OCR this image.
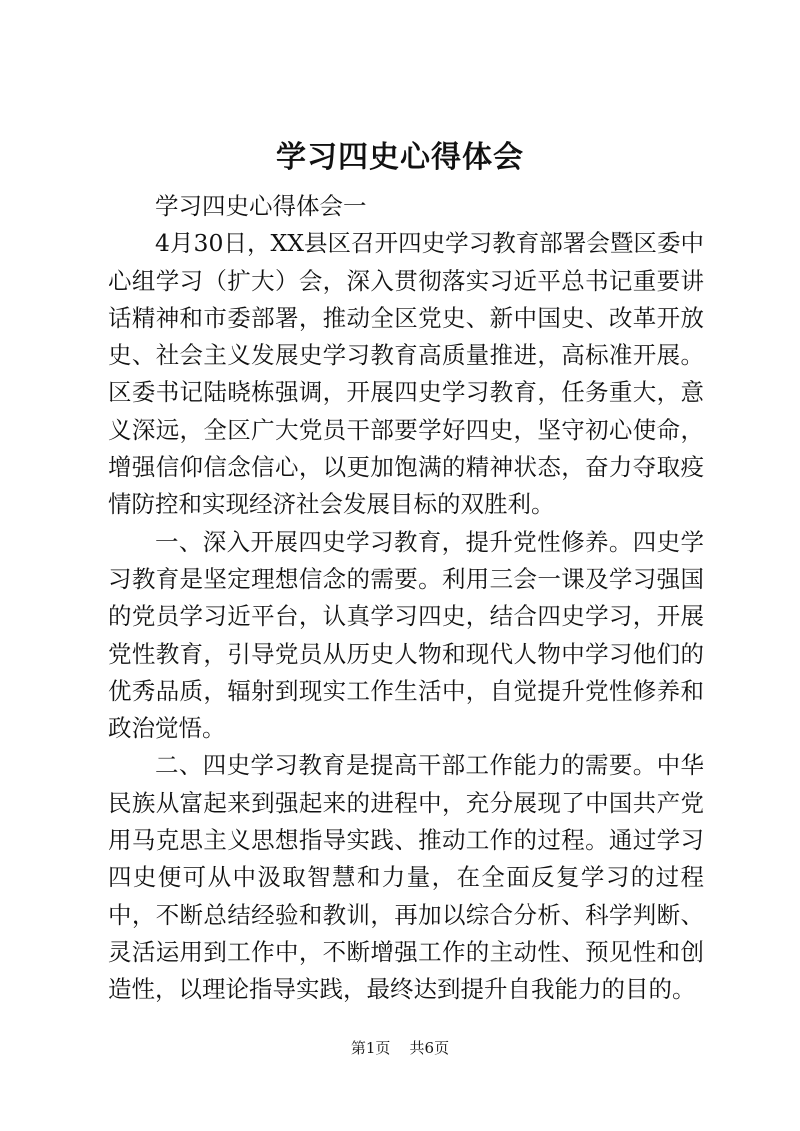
学习四史心得体会

学习四史心得体会一

4月30日，XX县区召开四史学习教育部署会暨区委中心组学习（扩大）会，深入贯彻落实习近平总书记重要讲话精神和市委部署，推动全区党史、新中国史、改革开放史、社会主义发展史学习教育高质量推进，高标准开展。区委书记陆晓栋强调，开展四史学习教育，任务重大，意义深远，全区广大党员干部要学好四史，坚守初心使命，增强信仰信念信心，以更加饱满的精神状态，奋力夺取疫情防控和实现经济社会发展目标的双胜利。

一、深入开展四史学习教育，提升党性修养。四史学习教育是坚定理想信念的需要。利用三会一课及学习强国的党员学习近平台，认真学习四史，结合四史学习，开展党性教育，引导党员从历史人物和现代人物中学习他们的优秀品质，辐射到现实工作生活中，自觉提升党性修养和政治觉悟。

二、四史学习教育是提高干部工作能力的需要。中华民族从富起来到强起来的进程中，充分展现了中国共产党用马克思主义思想指导实践、推动工作的过程。通过学习四史便可从中汲取智慧和力量，在全面反复学习的过程中，不断总结经验和教训，再加以综合分析、科学判断、灵活运用到工作中，不断增强工作的主动性、预见性和创造性，以理论指导实践，最终达到提升自我能力的目的。

第1页 共6页
